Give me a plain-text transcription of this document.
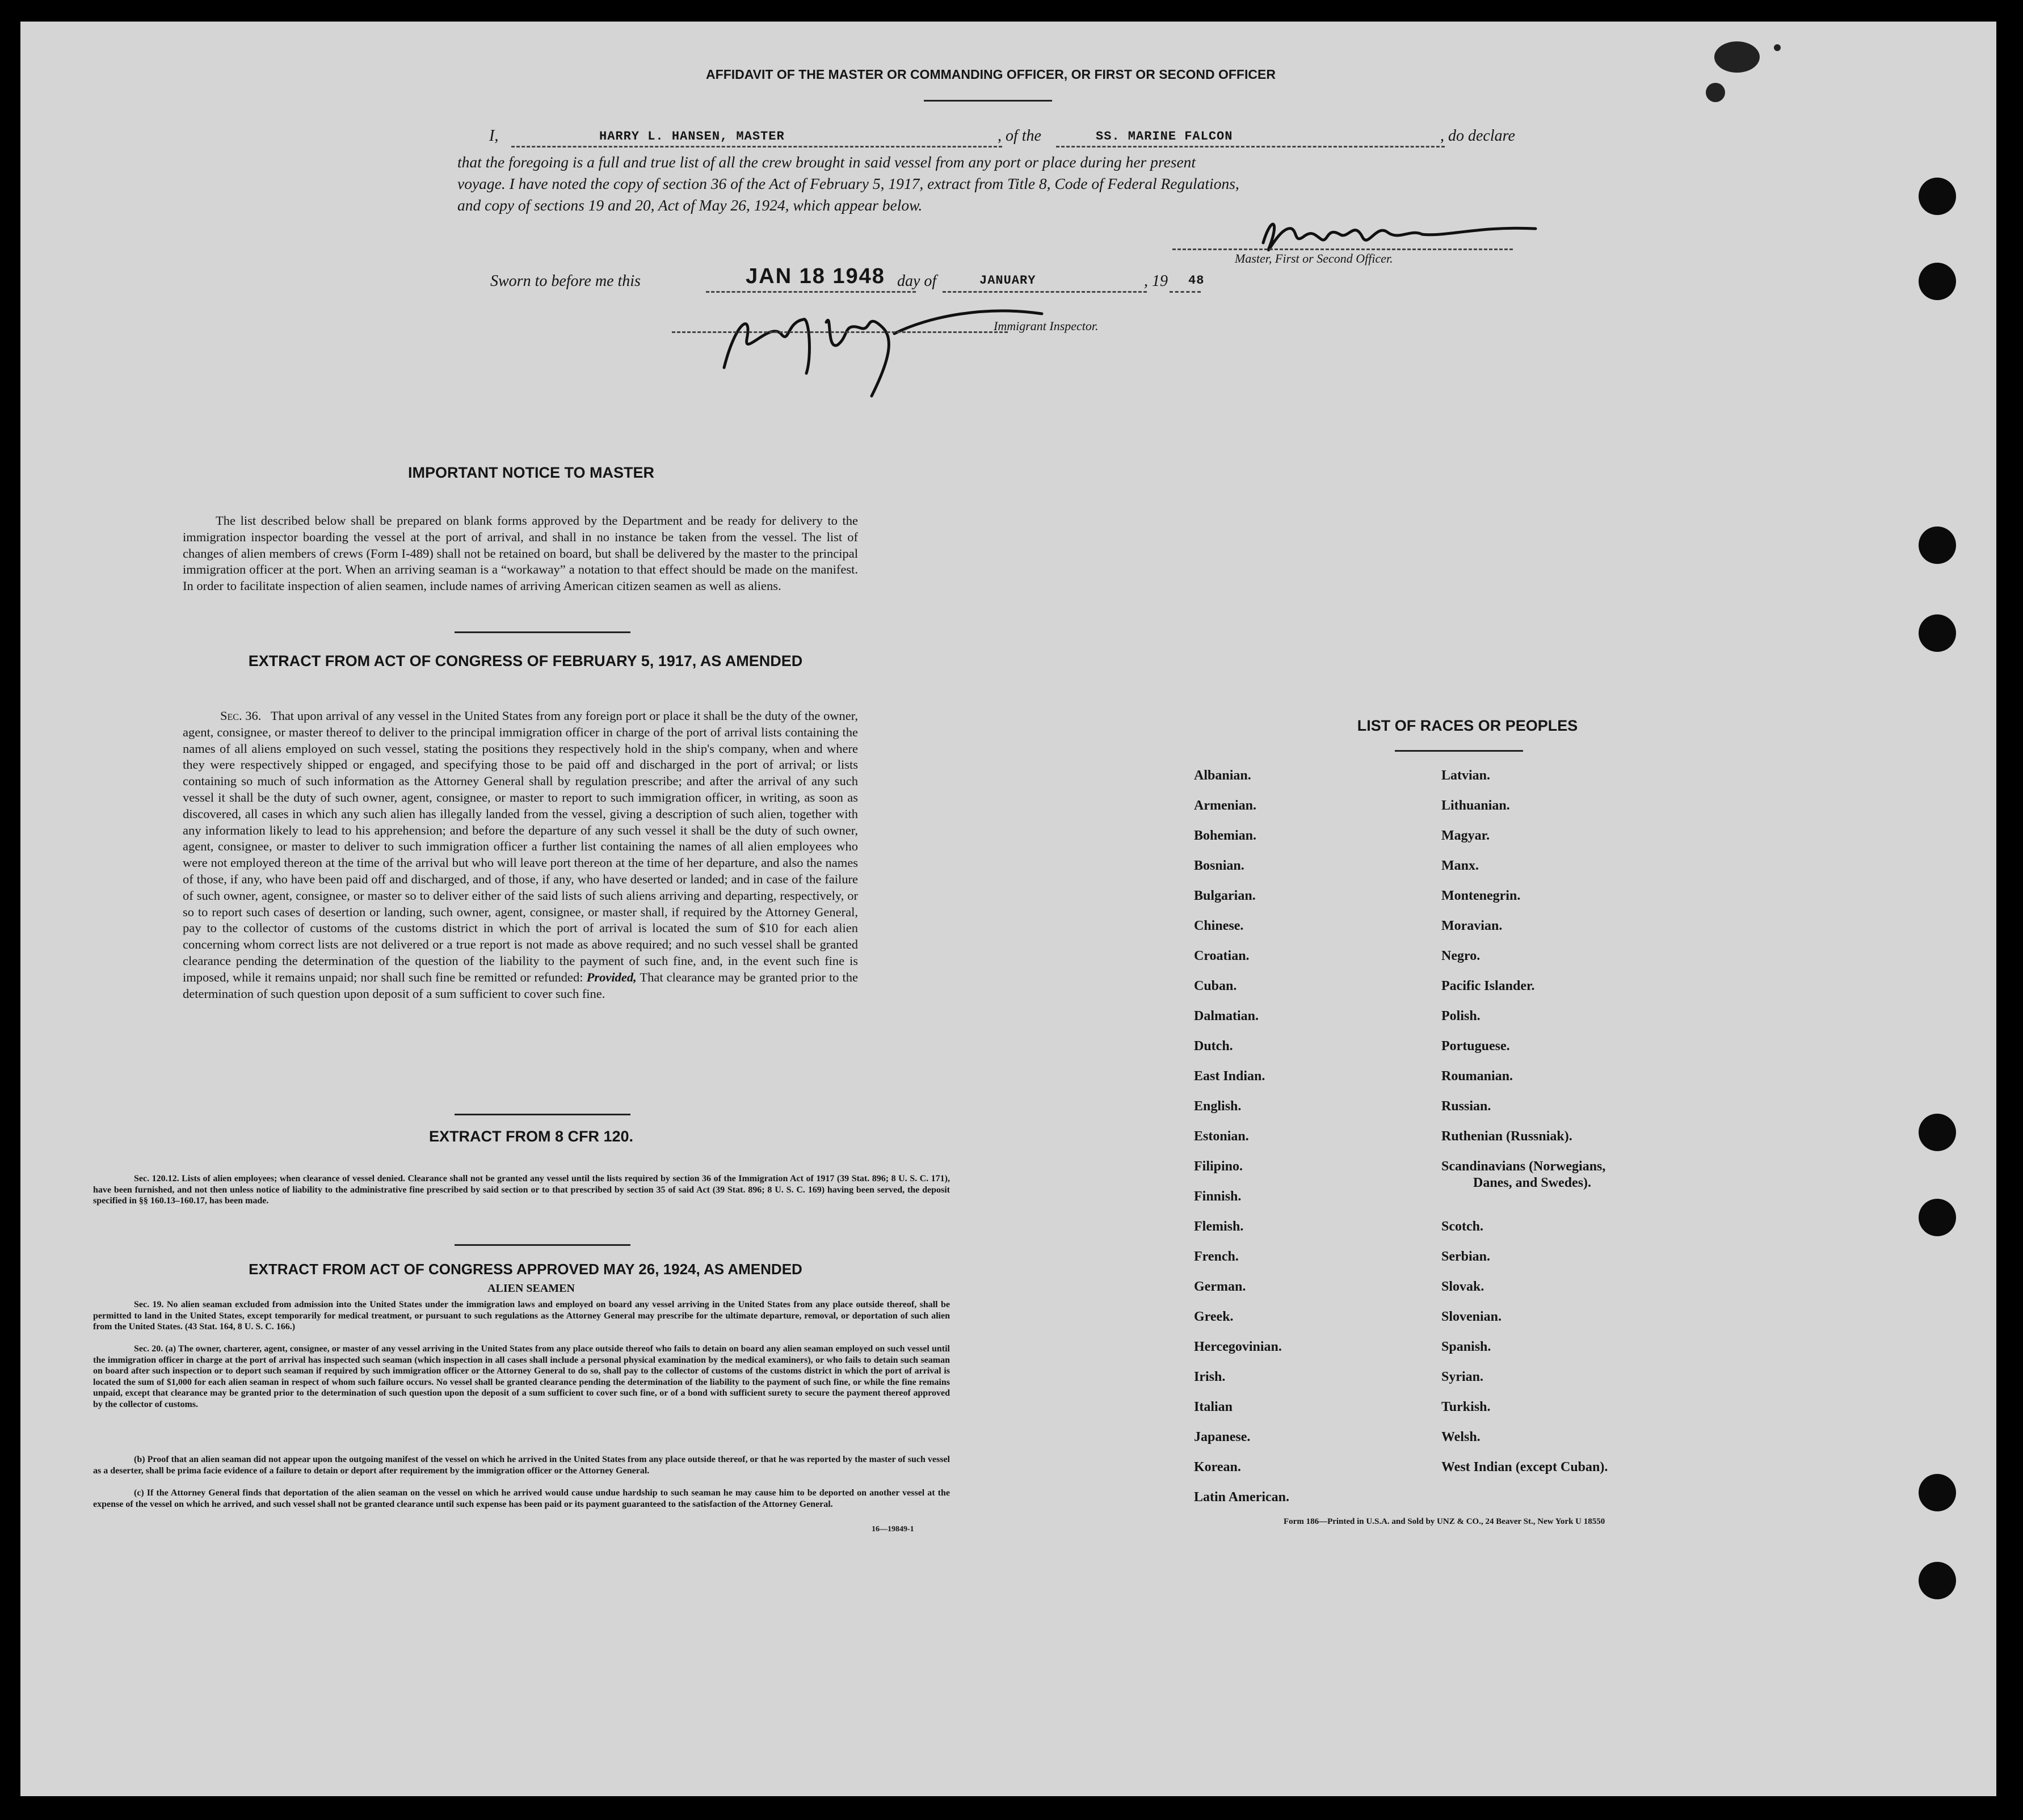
AFFIDAVIT OF THE MASTER OR COMMANDING OFFICER, OR FIRST OR SECOND OFFICER
I,	HARRY L. HANSEN, MASTER	, of the	SS. MARINE FALCON	, do declare
that the foregoing is a full and true list of all the crew brought in said vessel from any port or place during her present
voyage. I have noted the copy of section 36 of the Act of February 5, 1917, extract from Title 8, Code of Federal Regulations,
and copy of sections 19 and 20, Act of May 26, 1924, which appear below.
Master, First or Second Officer.
Sworn to before me this	JAN 18 1948 day of	JANUARY	, 19 48
Immigrant Inspector.
IMPORTANT NOTICE TO MASTER
The list described below shall be prepared on blank forms approved by the Department and be ready for delivery to the immigration inspector boarding the vessel at the port of arrival, and shall in no instance be taken from the vessel. The list of changes of alien members of crews (Form I-489) shall not be retained on board, but shall be delivered by the master to the principal immigration officer at the port. When an arriving seaman is a “workaway” a notation to that effect should be made on the manifest. In order to facilitate inspection of alien seamen, include names of arriving American citizen seamen as well as aliens.
EXTRACT FROM ACT OF CONGRESS OF FEBRUARY 5, 1917, AS AMENDED
Sec. 36. That upon arrival of any vessel in the United States from any foreign port or place it shall be the duty of the owner, agent, consignee, or master thereof to deliver to the principal immigration officer in charge of the port of arrival lists containing the names of all aliens employed on such vessel, stating the positions they respectively hold in the ship's company, when and where they were respectively shipped or engaged, and specifying those to be paid off and discharged in the port of arrival; or lists containing so much of such information as the Attorney General shall by regulation prescribe; and after the arrival of any such vessel it shall be the duty of such owner, agent, consignee, or master to report to such immigration officer, in writing, as soon as discovered, all cases in which any such alien has illegally landed from the vessel, giving a description of such alien, together with any information likely to lead to his apprehension; and before the departure of any such vessel it shall be the duty of such owner, agent, consignee, or master to deliver to such immigration officer a further list containing the names of all alien employees who were not employed thereon at the time of the arrival but who will leave port thereon at the time of her departure, and also the names of those, if any, who have been paid off and discharged, and of those, if any, who have deserted or landed; and in case of the failure of such owner, agent, consignee, or master so to deliver either of the said lists of such aliens arriving and departing, respectively, or so to report such cases of desertion or landing, such owner, agent, consignee, or master shall, if required by the Attorney General, pay to the collector of customs of the customs district in which the port of arrival is located the sum of $10 for each alien concerning whom correct lists are not delivered or a true report is not made as above required; and no such vessel shall be granted clearance pending the determination of the question of the liability to the payment of such fine, and, in the event such fine is imposed, while it remains unpaid; nor shall such fine be remitted or refunded: Provided, That clearance may be granted prior to the determination of such question upon deposit of a sum sufficient to cover such fine.
EXTRACT FROM 8 CFR 120.
Sec. 120.12. Lists of alien employees; when clearance of vessel denied. Clearance shall not be granted any vessel until the lists required by section 36 of the Immigration Act of 1917 (39 Stat. 896; 8 U. S. C. 171), have been furnished, and not then unless notice of liability to the administrative fine prescribed by said section or to that prescribed by section 35 of said Act (39 Stat. 896; 8 U. S. C. 169) having been served, the deposit specified in §§ 160.13–160.17, has been made.
EXTRACT FROM ACT OF CONGRESS APPROVED MAY 26, 1924, AS AMENDED
ALIEN SEAMEN
Sec. 19. No alien seaman excluded from admission into the United States under the immigration laws and employed on board any vessel arriving in the United States from any place outside thereof, shall be permitted to land in the United States, except temporarily for medical treatment, or pursuant to such regulations as the Attorney General may prescribe for the ultimate departure, removal, or deportation of such alien from the United States. (43 Stat. 164, 8 U. S. C. 166.)
Sec. 20. (a) The owner, charterer, agent, consignee, or master of any vessel arriving in the United States from any place outside thereof who fails to detain on board any alien seaman employed on such vessel until the immigration officer in charge at the port of arrival has inspected such seaman (which inspection in all cases shall include a personal physical examination by the medical examiners), or who fails to detain such seaman on board after such inspection or to deport such seaman if required by such immigration officer or the Attorney General to do so, shall pay to the collector of customs of the customs district in which the port of arrival is located the sum of $1,000 for each alien seaman in respect of whom such failure occurs. No vessel shall be granted clearance pending the determination of the liability to the payment of such fine, or while the fine remains unpaid, except that clearance may be granted prior to the determination of such question upon the deposit of a sum sufficient to cover such fine, or of a bond with sufficient surety to secure the payment thereof approved by the collector of customs.
(b) Proof that an alien seaman did not appear upon the outgoing manifest of the vessel on which he arrived in the United States from any place outside thereof, or that he was reported by the master of such vessel as a deserter, shall be prima facie evidence of a failure to detain or deport after requirement by the immigration officer or the Attorney General.
(c) If the Attorney General finds that deportation of the alien seaman on the vessel on which he arrived would cause undue hardship to such seaman he may cause him to be deported on another vessel at the expense of the vessel on which he arrived, and such vessel shall not be granted clearance until such expense has been paid or its payment guaranteed to the satisfaction of the Attorney General.
16—19849-1
LIST OF RACES OR PEOPLES
Form 186—Printed in U.S.A. and Sold by UNZ & CO., 24 Beaver St., New York U 18550
Albanian.
Armenian.
Bohemian.
Bosnian.
Bulgarian.
Chinese.
Croatian.
Cuban.
Dalmatian.
Dutch.
East Indian.
English.
Estonian.
Filipino.
Finnish.
Flemish.
French.
German.
Greek.
Hercegovinian.
Irish.
Italian
Japanese.
Korean.
Latin American.
Latvian.
Lithuanian.
Magyar.
Manx.
Montenegrin.
Moravian.
Negro.
Pacific Islander.
Polish.
Portuguese.
Roumanian.
Russian.
Ruthenian (Russniak).
Scandinavians (Norwegians,
Danes, and Swedes).
Scotch.
Serbian.
Slovak.
Slovenian.
Spanish.
Syrian.
Turkish.
Welsh.
West Indian (except Cuban).
